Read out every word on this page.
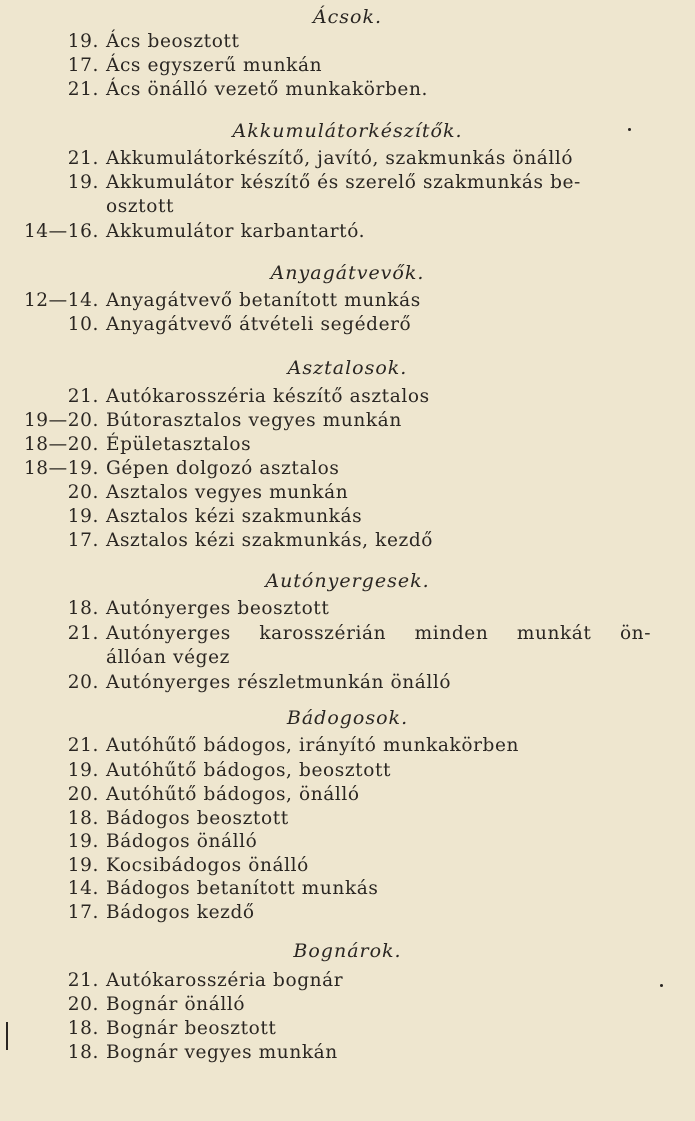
Ácsok.
19. Ács beosztott
17. Ács egyszerű munkán
21. Ács önálló vezető munkakörben.
Akkumulátorkészítők.
21. Akkumulátorkészítő, javító, szakmunkás önálló
19. Akkumulátor készítő és szerelő szakmunkás be-
osztott
14—16. Akkumulátor karbantartó.
Anyagátvevők.
12—14. Anyagátvevő betanított munkás
10. Anyagátvevő átvételi segéderő
Asztalosok.
21. Autókarosszéria készítő asztalos
19—20. Bútorasztalos vegyes munkán
18—20. Épületasztalos
18—19. Gépen dolgozó asztalos
20. Asztalos vegyes munkán
19. Asztalos kézi szakmunkás
17. Asztalos kézi szakmunkás, kezdő
Autónyergesek.
18. Autónyerges beosztott
21. Autónyerges karosszérián minden munkát ön-
állóan végez
20. Autónyerges részletmunkán önálló
Bádogosok.
21. Autóhűtő bádogos, irányító munkakörben
19. Autóhűtő bádogos, beosztott
20. Autóhűtő bádogos, önálló
18. Bádogos beosztott
19. Bádogos önálló
19. Kocsibádogos önálló
14. Bádogos betanított munkás
17. Bádogos kezdő
Bognárok.
21. Autókarosszéria bognár
20. Bognár önálló
18. Bognár beosztott
18. Bognár vegyes munkán
